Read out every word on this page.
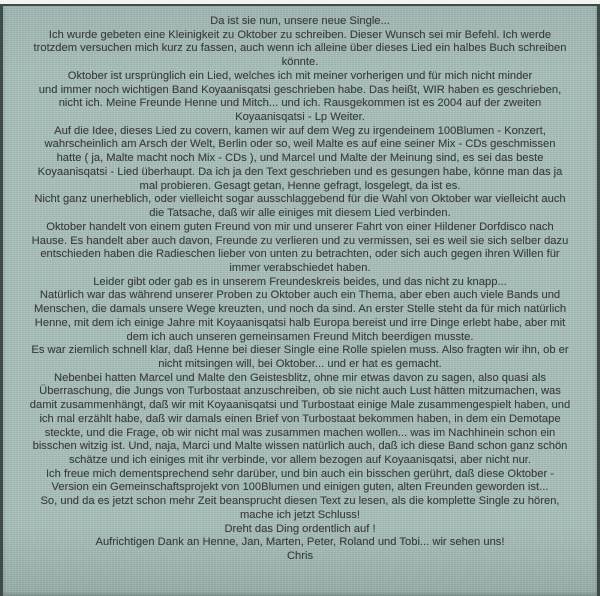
Da ist sie nun, unsere neue Single...
Ich wurde gebeten eine Kleinigkeit zu Oktober zu schreiben. Dieser Wunsch sei mir Befehl. Ich werde
trotzdem versuchen mich kurz zu fassen, auch wenn ich alleine über dieses Lied ein halbes Buch schreiben
könnte.
Oktober ist ursprünglich ein Lied, welches ich mit meiner vorherigen und für mich nicht minder
und immer noch wichtigen Band Koyaanisqatsi geschrieben habe. Das heißt, WIR haben es geschrieben,
nicht ich. Meine Freunde Henne und Mitch... und ich. Rausgekommen ist es 2004 auf der zweiten
Koyaanisqatsi - Lp Weiter.
Auf die Idee, dieses Lied zu covern, kamen wir auf dem Weg zu irgendeinem 100Blumen - Konzert,
wahrscheinlich am Arsch der Welt, Berlin oder so, weil Malte es auf eine seiner Mix - CDs geschmissen
hatte ( ja, Malte macht noch Mix - CDs ), und Marcel und Malte der Meinung sind, es sei das beste
Koyaanisqatsi - Lied überhaupt. Da ich ja den Text geschrieben und es gesungen habe, könne man das ja
mal probieren. Gesagt getan, Henne gefragt, losgelegt, da ist es.
Nicht ganz unerheblich, oder vielleicht sogar ausschlaggebend für die Wahl von Oktober war vielleicht auch
die Tatsache, daß wir alle einiges mit diesem Lied verbinden.
Oktober handelt von einem guten Freund von mir und unserer Fahrt von einer Hildener Dorfdisco nach
Hause. Es handelt aber auch davon, Freunde zu verlieren und zu vermissen, sei es weil sie sich selber dazu
entschieden haben die Radieschen lieber von unten zu betrachten, oder sich auch gegen ihren Willen für
immer verabschiedet haben.
Leider gibt oder gab es in unserem Freundeskreis beides, und das nicht zu knapp...
Natürlich war das während unserer Proben zu Oktober auch ein Thema, aber eben auch viele Bands und
Menschen, die damals unsere Wege kreuzten, und noch da sind. An erster Stelle steht da für mich natürlich
Henne, mit dem ich einige Jahre mit Koyaanisqatsi halb Europa bereist und irre Dinge erlebt habe, aber mit
dem ich auch unseren gemeinsamen Freund Mitch beerdigen musste.
Es war ziemlich schnell klar, daß Henne bei dieser Single eine Rolle spielen muss. Also fragten wir ihn, ob er
nicht mitsingen will, bei Oktober... und er hat es gemacht.
Nebenbei hatten Marcel und Malte den Geistesblitz, ohne mir etwas davon zu sagen, also quasi als
Überraschung, die Jungs von Turbostaat anzuschreiben, ob sie nicht auch Lust hätten mitzumachen, was
damit zusammenhängt, daß wir mit Koyaanisqatsi und Turbostaat einige Male zusammengespielt haben, und
ich mal erzählt habe, daß wir damals einen Brief von Turbostaat bekommen haben, in dem ein Demotape
steckte, und die Frage, ob wir nicht mal was zusammen machen wollen... was im Nachhinein schon ein
bisschen witzig ist. Und, naja, Marci und Malte wissen natürlich auch, daß ich diese Band schon ganz schön
schätze und ich einiges mit ihr verbinde, vor allem bezogen auf Koyaanisqatsi, aber nicht nur.
Ich freue mich dementsprechend sehr darüber, und bin auch ein bisschen gerührt, daß diese Oktober -
Version ein Gemeinschaftsprojekt von 100Blumen und einigen guten, alten Freunden geworden ist...
So, und da es jetzt schon mehr Zeit beansprucht diesen Text zu lesen, als die komplette Single zu hören,
mache ich jetzt Schluss!
Dreht das Ding ordentlich auf !
Aufrichtigen Dank an Henne, Jan, Marten, Peter, Roland und Tobi... wir sehen uns!
Chris
